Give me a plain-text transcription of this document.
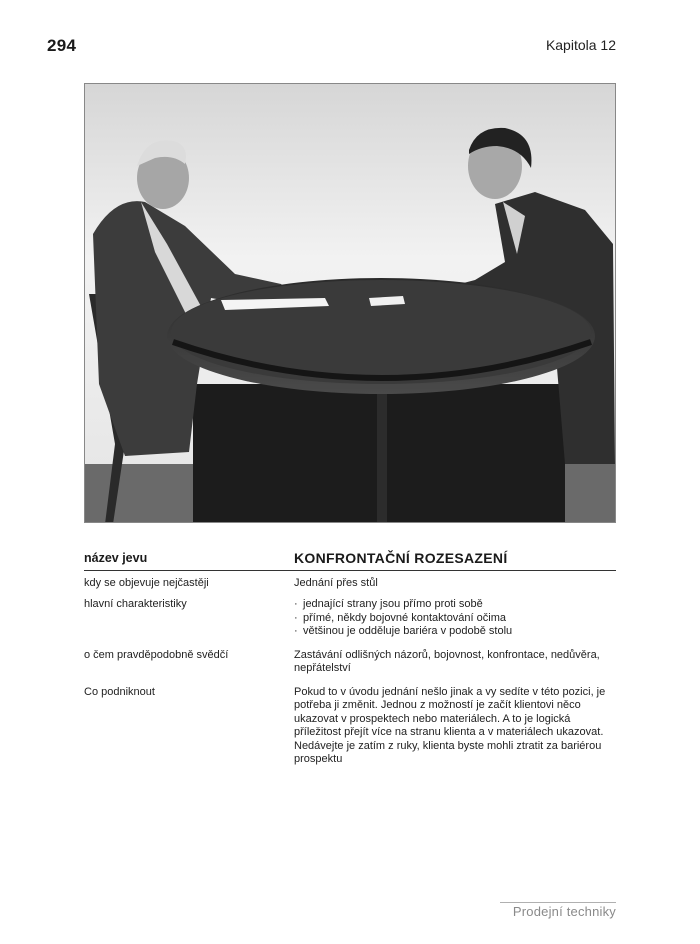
294	Kapitola 12
název jevu	KONFRONTAČNÍ ROZESAZENÍ
kdy se objevuje nejčastěji	Jednání přes stůl
hlavní charakteristiky
·	jednající strany jsou přímo proti sobě
· přímé, někdy bojovné kontaktování očima
· většinou je odděluje bariéra v podobě stolu
o čem pravděpodobně svědčí	Zastávání odlišných názorů, bojovnost, konfrontace, nedůvěra, nepřátelství
Co podniknout	Pokud to v úvodu jednání nešlo jinak a vy sedíte v této pozici, je potřeba ji změnit. Jednou z možností je začít klientovi něco ukazovat v prospektech nebo materiálech. A to je logická příležitost přejít více na stranu klienta a v materiálech ukazovat. Nedávejte je zatím z ruky, klienta byste mohli ztratit za bariérou prospektu
Prodejní techniky
